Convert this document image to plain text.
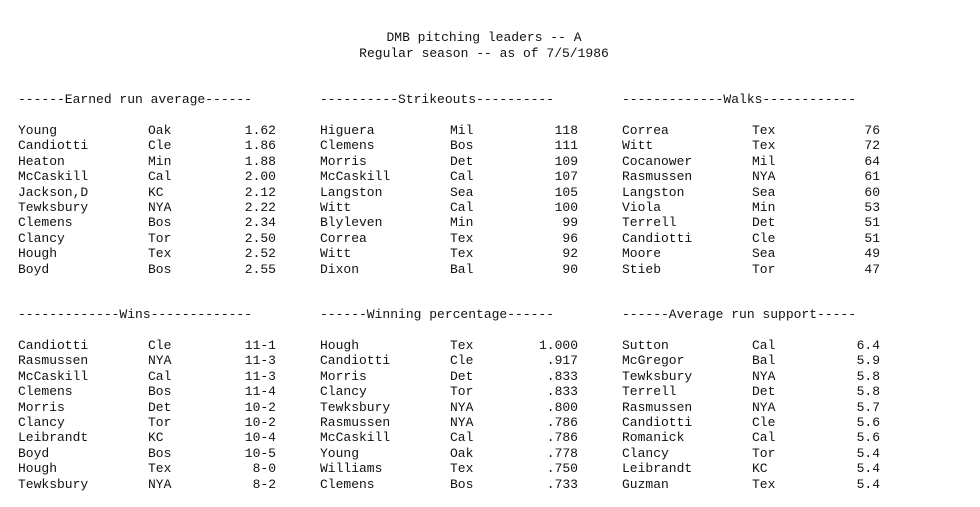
DMB pitching leaders -- A
Regular season -- as of 7/5/1986
------Earned run average------
Young	Oak	1.62
Candiotti	Cle	1.86
Heaton	Min	1.88
McCaskill	Cal	2.00
Jackson,D	KC	2.12
Tewksbury	NYA	2.22
Clemens	Bos	2.34
Clancy	Tor	2.50
Hough	Tex	2.52
Boyd	Bos	2.55
----------Strikeouts----------
Higuera	Mil	118
Clemens	Bos	111
Morris	Det	109
McCaskill	Cal	107
Langston	Sea	105
Witt	Cal	100
Blyleven	Min	99
Correa	Tex	96
Witt	Tex	92
Dixon	Bal	90
-------------Walks------------
Correa	Tex	76
Witt	Tex	72
Cocanower	Mil	64
Rasmussen	NYA	61
Langston	Sea	60
Viola	Min	53
Terrell	Det	51
Candiotti	Cle	51
Moore	Sea	49
Stieb	Tor	47
-------------Wins-------------
Candiotti	Cle	11-1
Rasmussen	NYA	11-3
McCaskill	Cal	11-3
Clemens	Bos	11-4
Morris	Det	10-2
Clancy	Tor	10-2
Leibrandt	KC	10-4
Boyd	Bos	10-5
Hough	Tex	8-0
Tewksbury	NYA	8-2
------Winning percentage------
Hough	Tex	1.000
Candiotti	Cle	.917
Morris	Det	.833
Clancy	Tor	.833
Tewksbury	NYA	.800
Rasmussen	NYA	.786
McCaskill	Cal	.786
Young	Oak	.778
Williams	Tex	.750
Clemens	Bos	.733
------Average run support-----
Sutton	Cal	6.4
McGregor	Bal	5.9
Tewksbury	NYA	5.8
Terrell	Det	5.8
Rasmussen	NYA	5.7
Candiotti	Cle	5.6
Romanick	Cal	5.6
Clancy	Tor	5.4
Leibrandt	KC	5.4
Guzman	Tex	5.4
